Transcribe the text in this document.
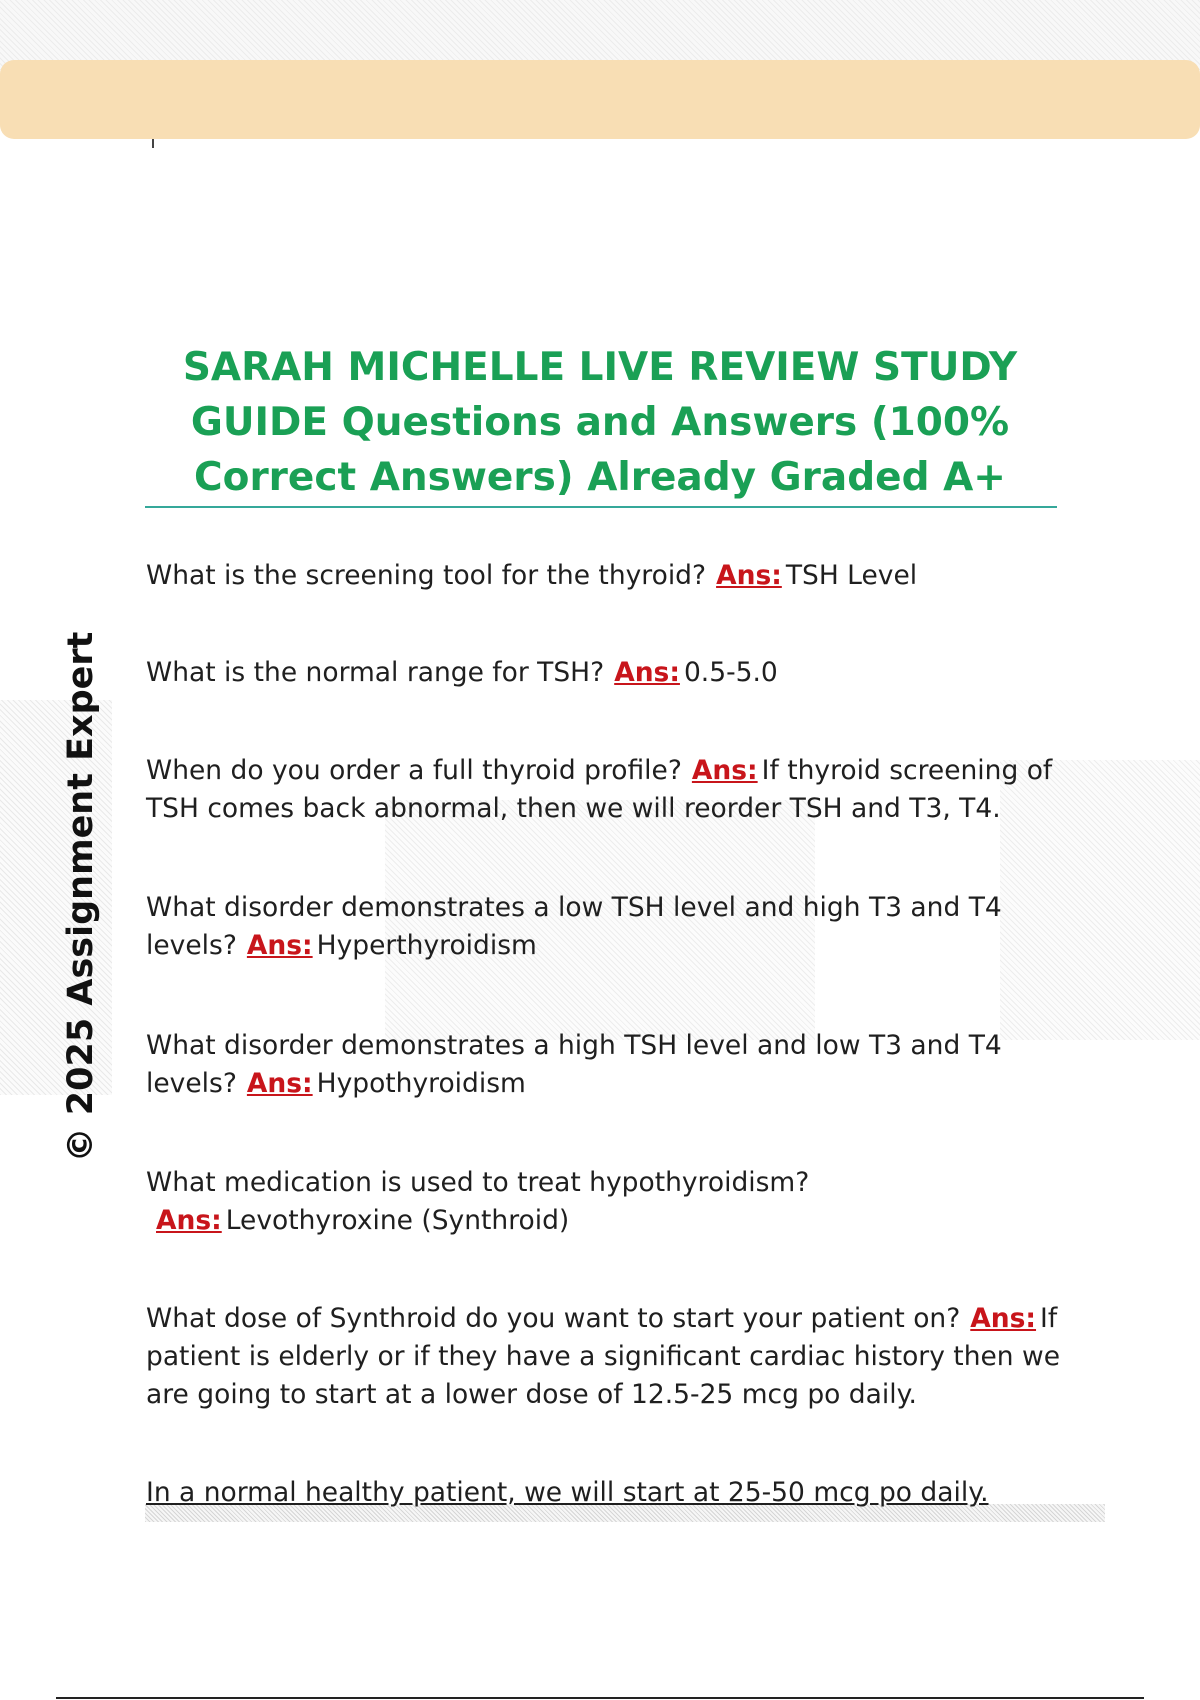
© 2025 Assignment Expert
SARAH MICHELLE LIVE REVIEW STUDY GUIDE Questions and Answers (100% Correct Answers) Already Graded A+
What is the screening tool for the thyroid? Ans: TSH Level
What is the normal range for TSH? Ans: 0.5-5.0
When do you order a full thyroid profile? Ans: If thyroid screening of TSH comes back abnormal, then we will reorder TSH and T3, T4.
What disorder demonstrates a low TSH level and high T3 and T4 levels? Ans: Hyperthyroidism
What disorder demonstrates a high TSH level and low T3 and T4 levels? Ans: Hypothyroidism
What medication is used to treat hypothyroidism?Ans: Levothyroxine (Synthroid)
What dose of Synthroid do you want to start your patient on? Ans: If patient is elderly or if they have a significant cardiac history then we are going to start at a lower dose of 12.5-25 mcg po daily.
In a normal healthy patient, we will start at 25-50 mcg po daily.
